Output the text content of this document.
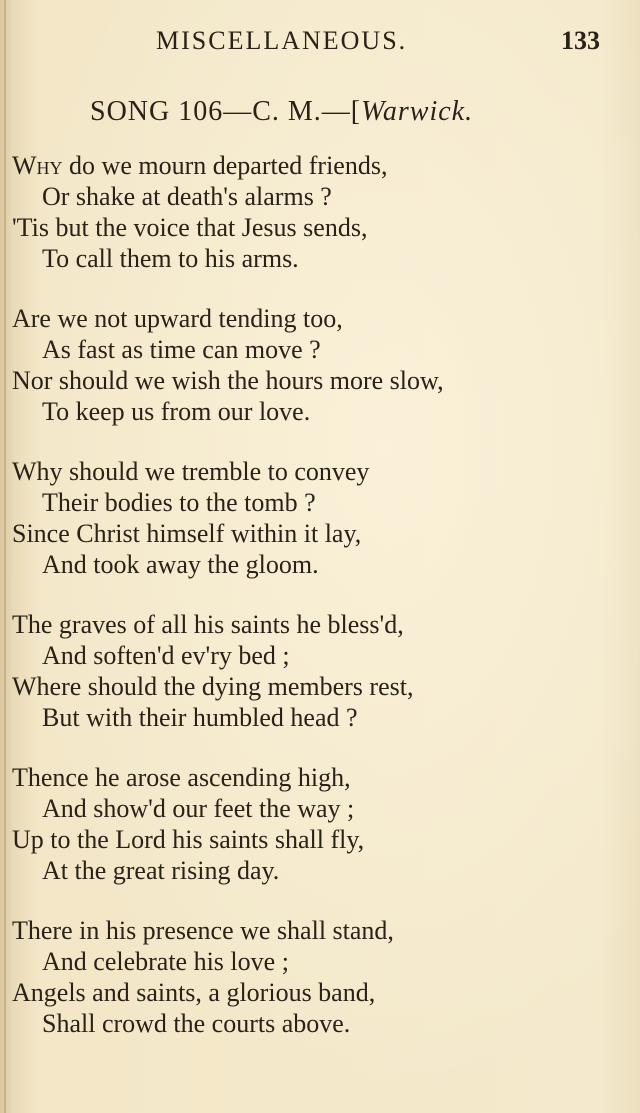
MISCELLANEOUS.	133
SONG 106—C. M.—[Warwick.
Why do we mourn departed friends,
Or shake at death's alarms ?
'Tis but the voice that Jesus sends,
To call them to his arms.
Are we not upward tending too,
As fast as time can move ?
Nor should we wish the hours more slow,
To keep us from our love.
Why should we tremble to convey
Their bodies to the tomb ?
Since Christ himself within it lay,
And took away the gloom.
The graves of all his saints he bless'd,
And soften'd ev'ry bed ;
Where should the dying members rest,
But with their humbled head ?
Thence he arose ascending high,
And show'd our feet the way ;
Up to the Lord his saints shall fly,
At the great rising day.
There in his presence we shall stand,
And celebrate his love ;
Angels and saints, a glorious band,
Shall crowd the courts above.
